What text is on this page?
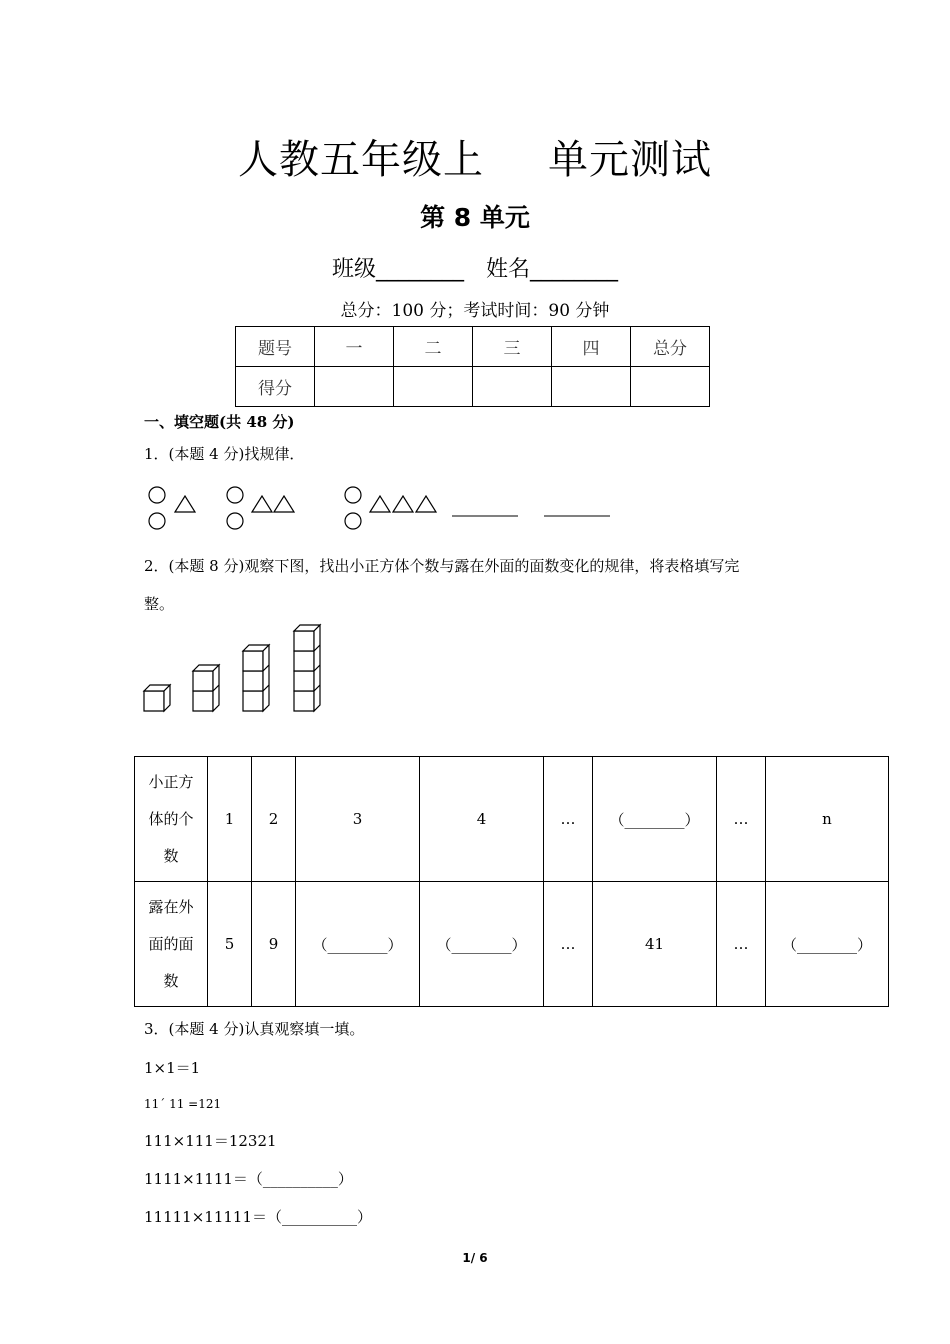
人教五年级上 单元测试
第 8 单元
班级________ 姓名________
总分：100 分；考试时间：90 分钟
题号	一	二	三	四	总分
得分					
一、填空题(共 48 分)
1．(本题 4 分)找规律．
2．(本题 8 分)观察下图，找出小正方体个数与露在外面的面数变化的规律，将表格填写完
整。
小正方
体的个
数	1	2	3	4	…	（________）	…	n

露在外
面的面
数	5	9	（________）	（________）	…	41	…	（________）
3．(本题 4 分)认真观察填一填。
1×1＝1
11´ 11 =121
111×111＝12321
1111×1111＝（__________）
11111×11111＝（__________）
1/ 6
